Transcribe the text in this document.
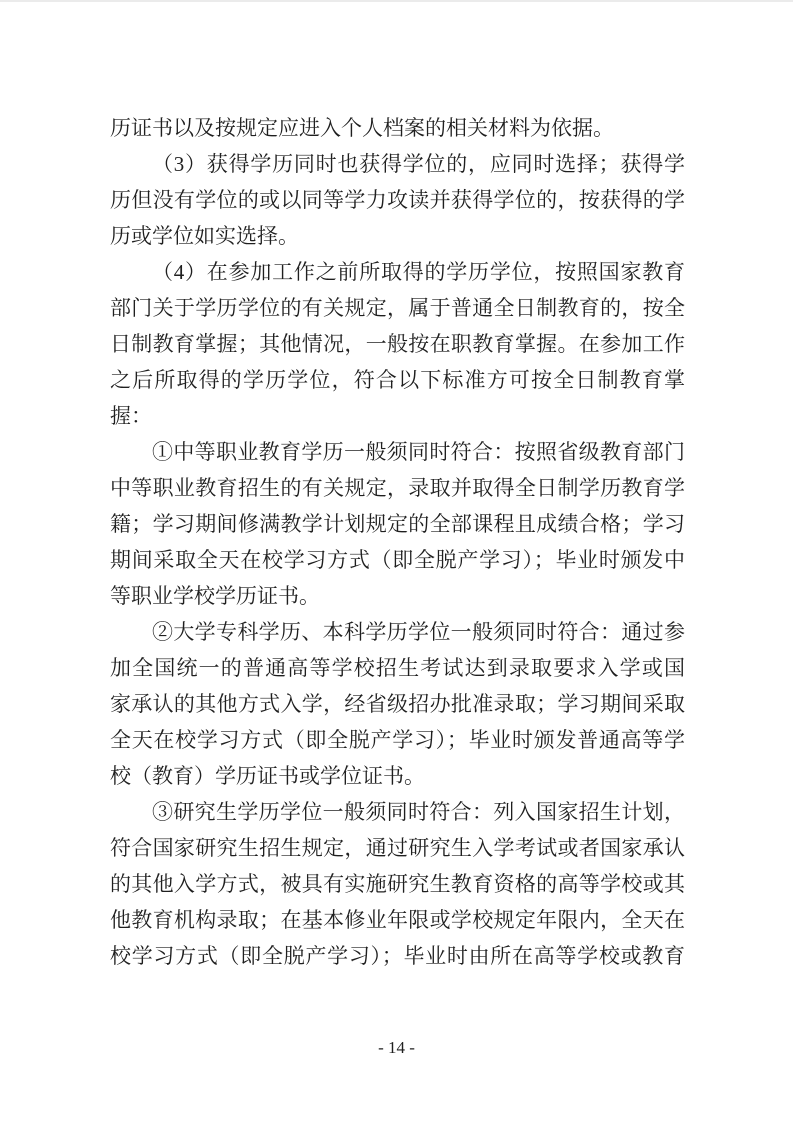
历证书以及按规定应进入个人档案的相关材料为依据。
（3）获得学历同时也获得学位的，应同时选择；获得学
历但没有学位的或以同等学力攻读并获得学位的，按获得的学
历或学位如实选择。
（4）在参加工作之前所取得的学历学位，按照国家教育
部门关于学历学位的有关规定，属于普通全日制教育的，按全
日制教育掌握；其他情况，一般按在职教育掌握。在参加工作
之后所取得的学历学位，符合以下标准方可按全日制教育掌
握：
①中等职业教育学历一般须同时符合：按照省级教育部门
中等职业教育招生的有关规定，录取并取得全日制学历教育学
籍；学习期间修满教学计划规定的全部课程且成绩合格；学习
期间采取全天在校学习方式（即全脱产学习）；毕业时颁发中
等职业学校学历证书。
②大学专科学历、本科学历学位一般须同时符合：通过参
加全国统一的普通高等学校招生考试达到录取要求入学或国
家承认的其他方式入学，经省级招办批准录取；学习期间采取
全天在校学习方式（即全脱产学习）；毕业时颁发普通高等学
校（教育）学历证书或学位证书。
③研究生学历学位一般须同时符合：列入国家招生计划，
符合国家研究生招生规定，通过研究生入学考试或者国家承认
的其他入学方式，被具有实施研究生教育资格的高等学校或其
他教育机构录取；在基本修业年限或学校规定年限内，全天在
校学习方式（即全脱产学习）；毕业时由所在高等学校或教育
- 14 -
